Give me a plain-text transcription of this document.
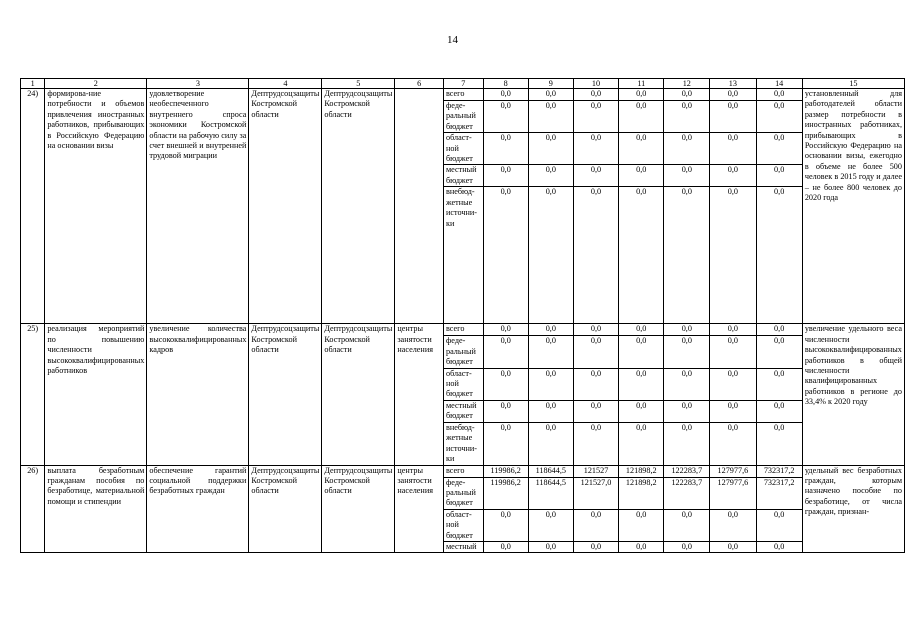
14
1	2	3	4	5	6	7	8	9	10	11	12	13	14	15
24)	формирова-ние потребности и объемов привлечения иностранных работников, прибывающих в Российскую Федерацию на основании визы	удовлетворение необеспеченного внутреннего спроса экономики Костромской области на рабочую силу за счет внешней и внутренней трудовой миграции	Дептрудсоцзащиты Костромской области	Дептрудсоцзащиты Костромской области		всего	0,0	0,0	0,0	0,0	0,0	0,0	0,0	установленный для работодателей области размер потребности в иностранных работниках, прибывающих в Российскую Федерацию на основании визы, ежегодно в объеме не более 500 человек в 2015 году и далее – не более 800 человек до 2020 года
						феде-ральный бюджет	0,0	0,0	0,0	0,0	0,0	0,0	0,0	
						област-ной бюджет	0,0	0,0	0,0	0,0	0,0	0,0	0,0	
						местный бюджет	0,0	0,0	0,0	0,0	0,0	0,0	0,0	
						внебюд-жетные источни-ки	0,0	0,0	0,0	0,0	0,0	0,0	0,0	
25)	реализация мероприятий по повышению численности высококвалифицированных работников	увеличение количества высококвалифицированных кадров	Дептрудсоцзащиты Костромской области	Дептрудсоцзащиты Костромской области	центры занятости населения	всего	0,0	0,0	0,0	0,0	0,0	0,0	0,0	увеличение удельного веса численности высококвалифицированных работников в общей численности квалифицированных работников в регионе до 33,4% к 2020 году
						феде-ральный бюджет	0,0	0,0	0,0	0,0	0,0	0,0	0,0	
						област-ной бюджет	0,0	0,0	0,0	0,0	0,0	0,0	0,0	
						местный бюджет	0,0	0,0	0,0	0,0	0,0	0,0	0,0	
						внебюд-жетные источни-ки	0,0	0,0	0,0	0,0	0,0	0,0	0,0	
26)	выплата безработным гражданам пособия по безработице, материальной помощи и стипендии	обеспечение гарантий социальной поддержки безработных граждан	Дептрудсоцзащиты Костромской области	Дептрудсоцзащиты Костромской области	центры занятости населения	всего	119986,2	118644,5	121527	121898,2	122283,7	127977,6	732317,2	удельный вес безработных граждан, которым назначено пособие по безработице, от числа граждан, признан-
						феде-ральный бюджет	119986,2	118644,5	121527,0	121898,2	122283,7	127977,6	732317,2	
						област-ной бюджет	0,0	0,0	0,0	0,0	0,0	0,0	0,0	
						местный	0,0	0,0	0,0	0,0	0,0	0,0	0,0	
